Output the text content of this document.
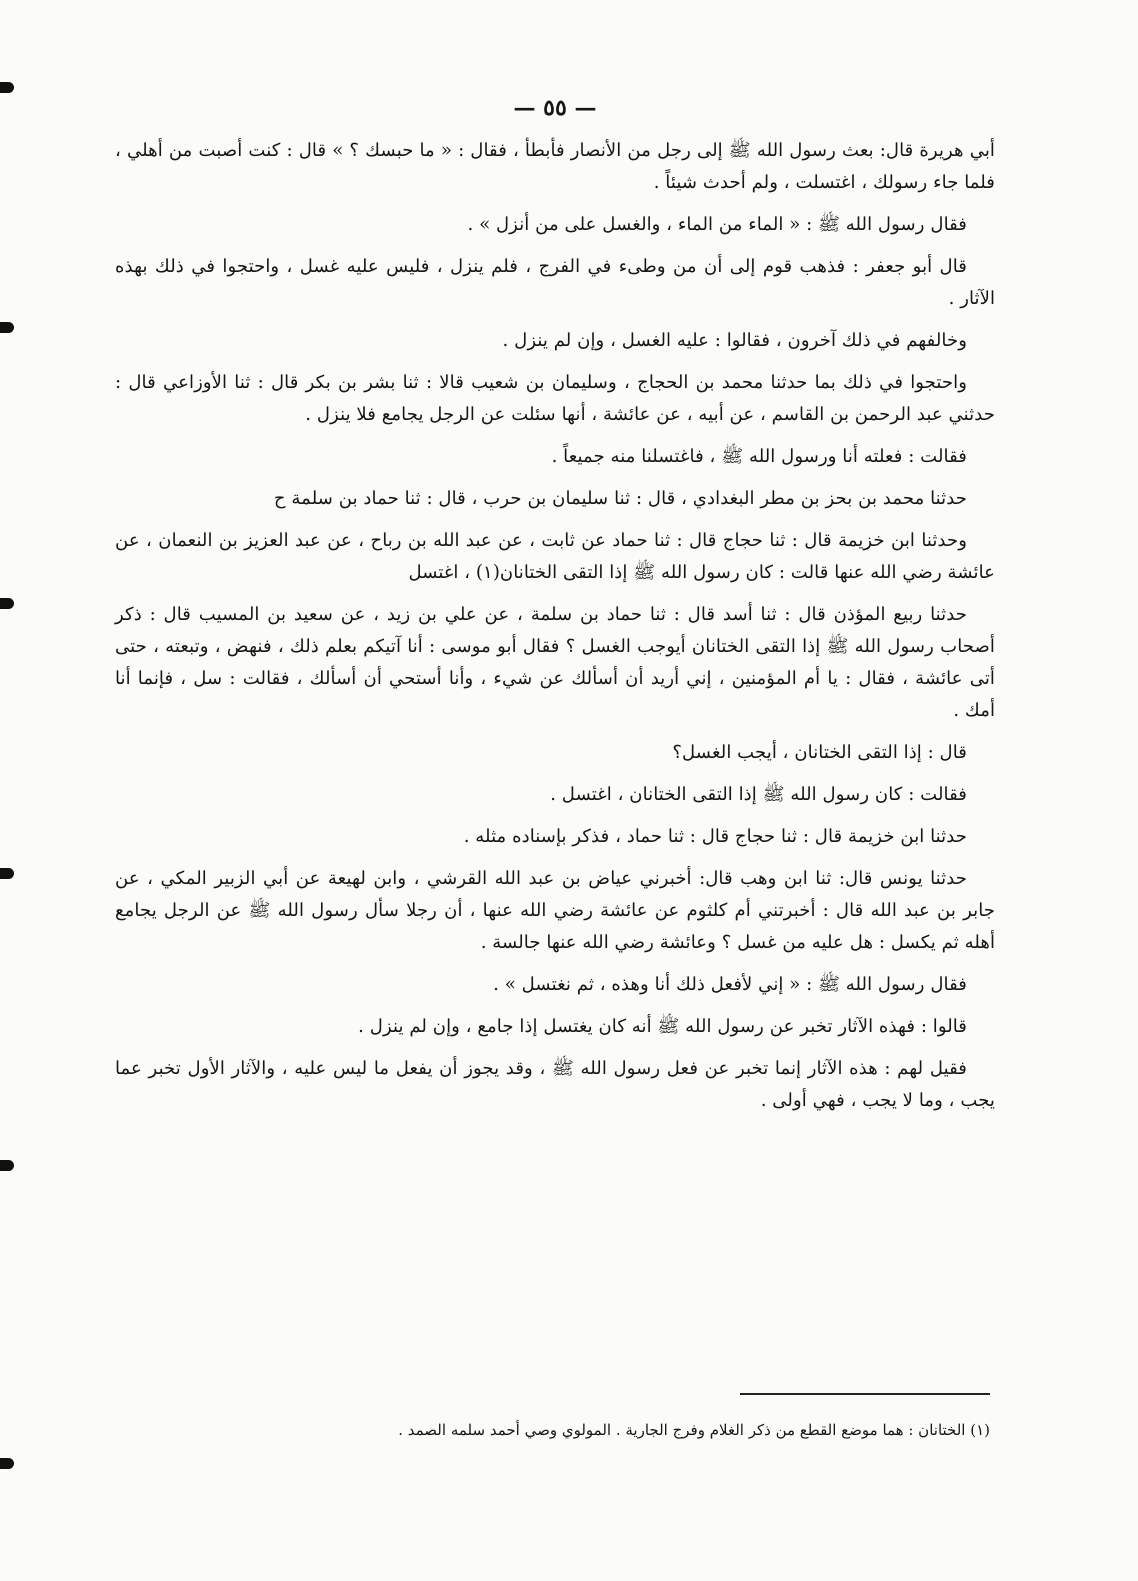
— ٥٥ —

أبي هريرة قال: بعث رسول الله ﷺ إلى رجل من الأنصار فأبطأ ، فقال : « ما حبسك ؟ » قال : كنت أصبت من أهلي ، فلما جاء رسولك ، اغتسلت ، ولم أحدث شيئاً .

فقال رسول الله ﷺ : « الماء من الماء ، والغسل على من أنزل » .

قال أبو جعفر : فذهب قوم إلى أن من وطىء في الفرج ، فلم ينزل ، فليس عليه غسل ، واحتجوا في ذلك بهذه الآثار .

وخالفهم في ذلك آخرون ، فقالوا : عليه الغسل ، وإن لم ينزل .

واحتجوا في ذلك بما حدثنا محمد بن الحجاج ، وسليمان بن شعيب قالا : ثنا بشر بن بكر قال : ثنا الأوزاعي قال : حدثني عبد الرحمن بن القاسم ، عن أبيه ، عن عائشة ، أنها سئلت عن الرجل يجامع فلا ينزل .

فقالت : فعلته أنا ورسول الله ﷺ ، فاغتسلنا منه جميعاً .

حدثنا محمد بن بحز بن مطر البغدادي ، قال : ثنا سليمان بن حرب ، قال : ثنا حماد بن سلمة ح

وحدثنا ابن خزيمة قال : ثنا حجاج قال : ثنا حماد عن ثابت ، عن عبد الله بن رباح ، عن عبد العزيز بن النعمان ، عن عائشة رضي الله عنها قالت : كان رسول الله ﷺ إذا التقى الختانان(١) ، اغتسل

حدثنا ربيع المؤذن قال : ثنا أسد قال : ثنا حماد بن سلمة ، عن علي بن زيد ، عن سعيد بن المسيب قال : ذكر أصحاب رسول الله ﷺ إذا التقى الختانان أيوجب الغسل ؟ فقال أبو موسى : أنا آتيكم بعلم ذلك ، فنهض ، وتبعته ، حتى أتى عائشة ، فقال : يا أم المؤمنين ، إني أريد أن أسألك عن شيء ، وأنا أستحي أن أسألك ، فقالت : سل ، فإنما أنا أمك .

قال : إذا التقى الختانان ، أيجب الغسل؟

فقالت : كان رسول الله ﷺ إذا التقى الختانان ، اغتسل .

حدثنا ابن خزيمة قال : ثنا حجاج قال : ثنا حماد ، فذكر بإسناده مثله .

حدثنا يونس قال: ثنا ابن وهب قال: أخبرني عياض بن عبد الله القرشي ، وابن لهيعة عن أبي الزبير المكي ، عن جابر بن عبد الله قال : أخبرتني أم كلثوم عن عائشة رضي الله عنها ، أن رجلا سأل رسول الله ﷺ عن الرجل يجامع أهله ثم يكسل : هل عليه من غسل ؟ وعائشة رضي الله عنها جالسة .

فقال رسول الله ﷺ : « إني لأفعل ذلك أنا وهذه ، ثم نغتسل » .

قالوا : فهذه الآثار تخبر عن رسول الله ﷺ أنه كان يغتسل إذا جامع ، وإن لم ينزل .

فقيل لهم : هذه الآثار إنما تخبر عن فعل رسول الله ﷺ ، وقد يجوز أن يفعل ما ليس عليه ، والآثار الأول تخبر عما يجب ، وما لا يجب ، فهي أولى .

(١) الختانان : هما موضع القطع من ذكر الغلام وفرج الجارية . المولوي وصي أحمد سلمه الصمد .
